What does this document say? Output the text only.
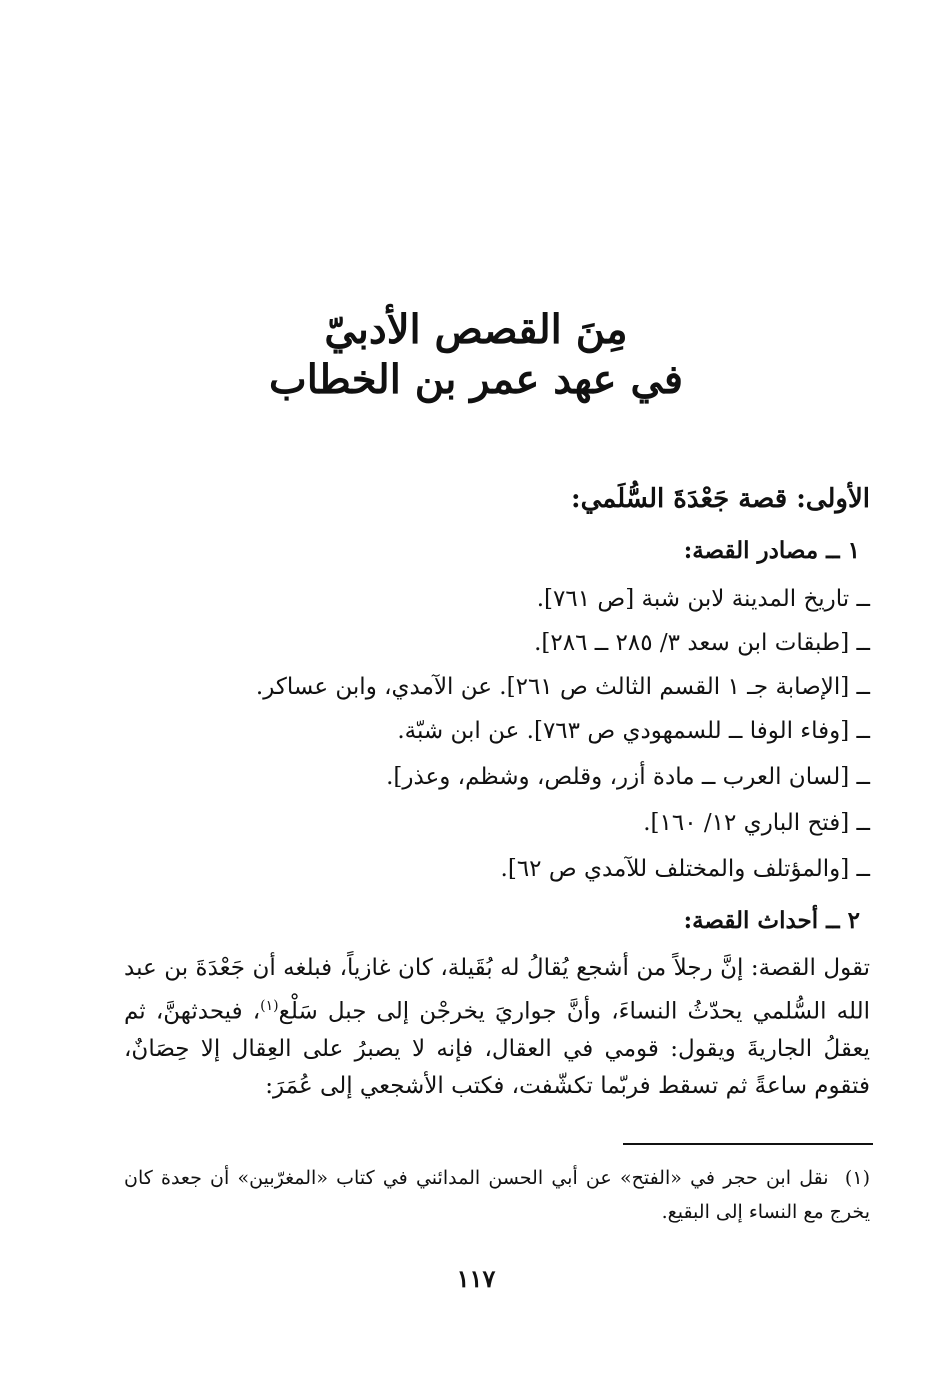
مِنَ القصص الأدبيّ
في عهد عمر بن الخطاب
الأولى: قصة جَعْدَةَ السُّلَمي:
١ ــ مصادر القصة:
ــ تاريخ المدينة لابن شبة [ص ٧٦١].
ــ [طبقات ابن سعد ٣/ ٢٨٥ ــ ٢٨٦].
ــ [الإصابة جـ ١ القسم الثالث ص ٢٦١]. عن الآمدي، وابن عساكر.
ــ [وفاء الوفا ــ للسمهودي ص ٧٦٣]. عن ابن شبّة.
ــ [لسان العرب ــ مادة أزر، وقلص، وشظم، وعذر].
ــ [فتح الباري ١٢/ ١٦٠].
ــ [والمؤتلف والمختلف للآمدي ص ٦٢].
٢ ــ أحداث القصة:
تقول القصة: إنَّ رجلاً من أشجع يُقالُ له بُقَيلة، كان غازياً، فبلغه أن جَعْدَةَ بن عبد الله السُّلمي يحدّثُ النساءَ، وأنَّ جواريَ يخرجْن إلى جبل سَلْع$^{(١)}$، فيحدثهنَّ، ثم يعقلُ الجاريةَ ويقول: قومي في العقال، فإنه لا يصبرُ على العِقال إلا حِصَانٌ، فتقوم ساعةً ثم تسقط فربّما تكشّفت، فكتب الأشجعي إلى عُمَرَ:
(١)  نقل ابن حجر في «الفتح» عن أبي الحسن المدائني في كتاب «المغرّبين» أن جعدة كان يخرج مع النساء إلى البقيع.
١١٧
